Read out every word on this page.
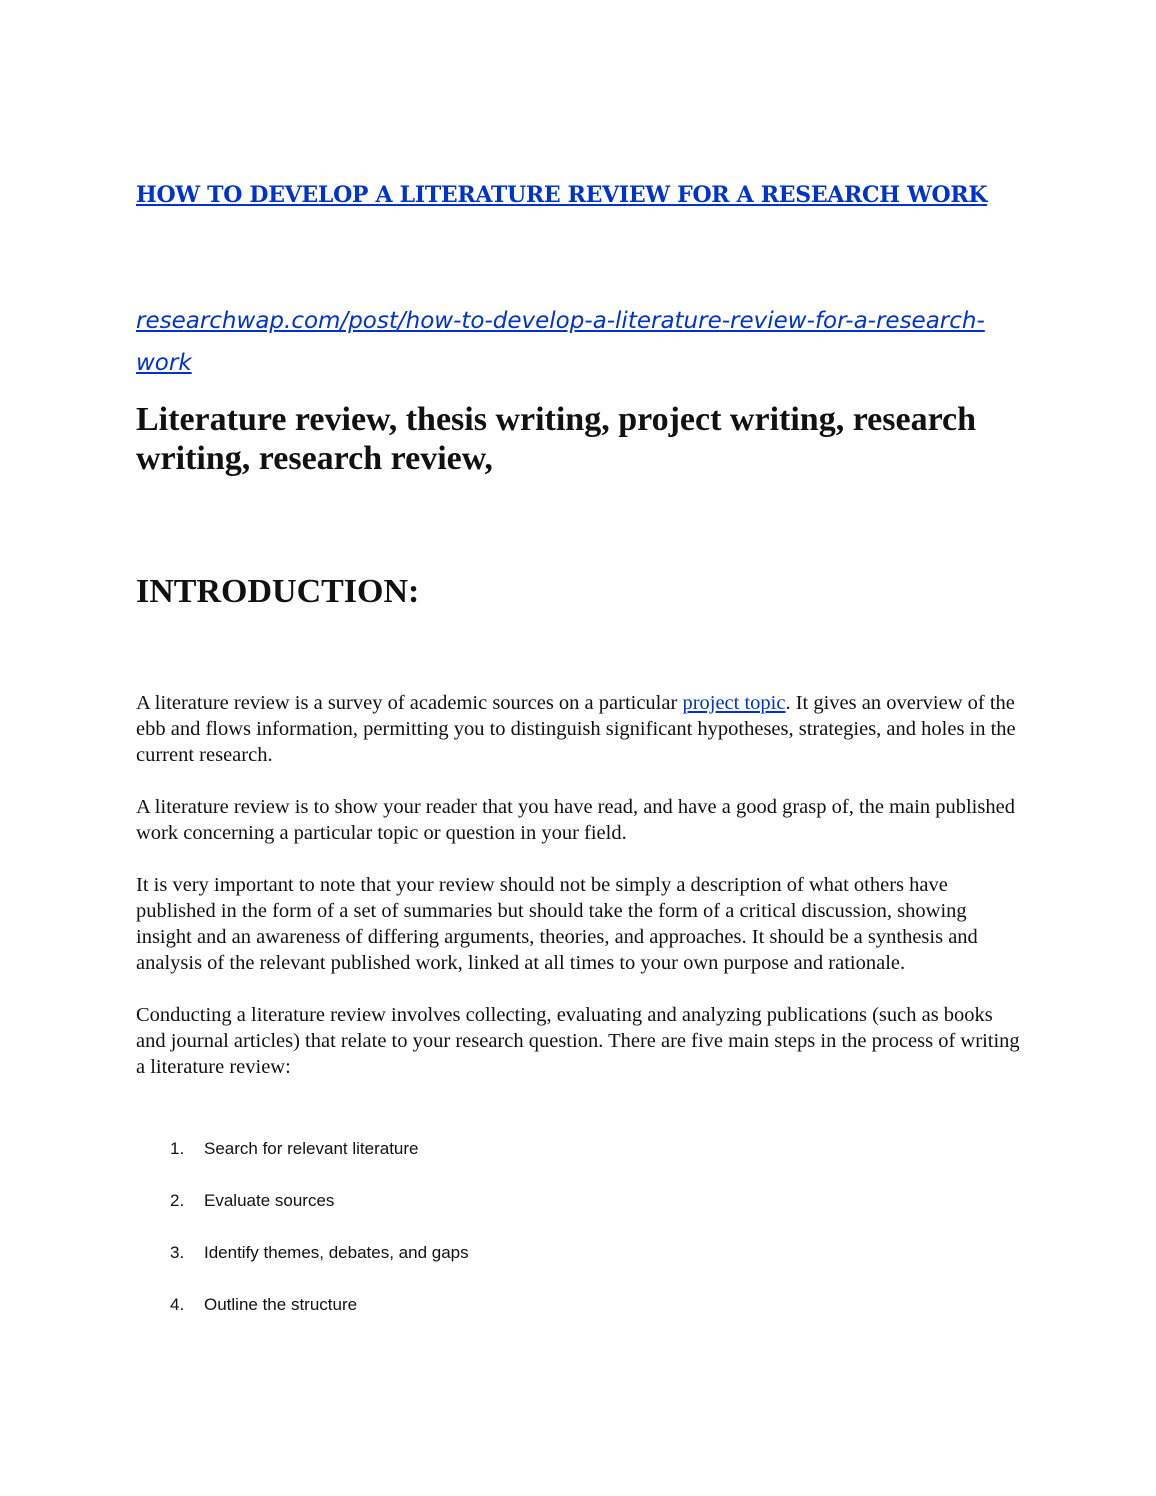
HOW TO DEVELOP A LITERATURE REVIEW FOR A RESEARCH WORK
researchwap.com/post/how-to-develop-a-literature-review-for-a-research-work
Literature review, thesis writing, project writing, research writing, research review,
INTRODUCTION:

A literature review is a survey of academic sources on a particular project topic. It gives an overview of the ebb and flows information, permitting you to distinguish significant hypotheses, strategies, and holes in the current research.

A literature review is to show your reader that you have read, and have a good grasp of, the main published work concerning a particular topic or question in your field.

It is very important to note that your review should not be simply a description of what others have published in the form of a set of summaries but should take the form of a critical discussion, showing insight and an awareness of differing arguments, theories, and approaches. It should be a synthesis and analysis of the relevant published work, linked at all times to your own purpose and rationale.

Conducting a literature review involves collecting, evaluating and analyzing publications (such as books and journal articles) that relate to your research question. There are five main steps in the process of writing a literature review:

1.	Search for relevant literature
2.	Evaluate sources
3.	Identify themes, debates, and gaps
4.	Outline the structure
